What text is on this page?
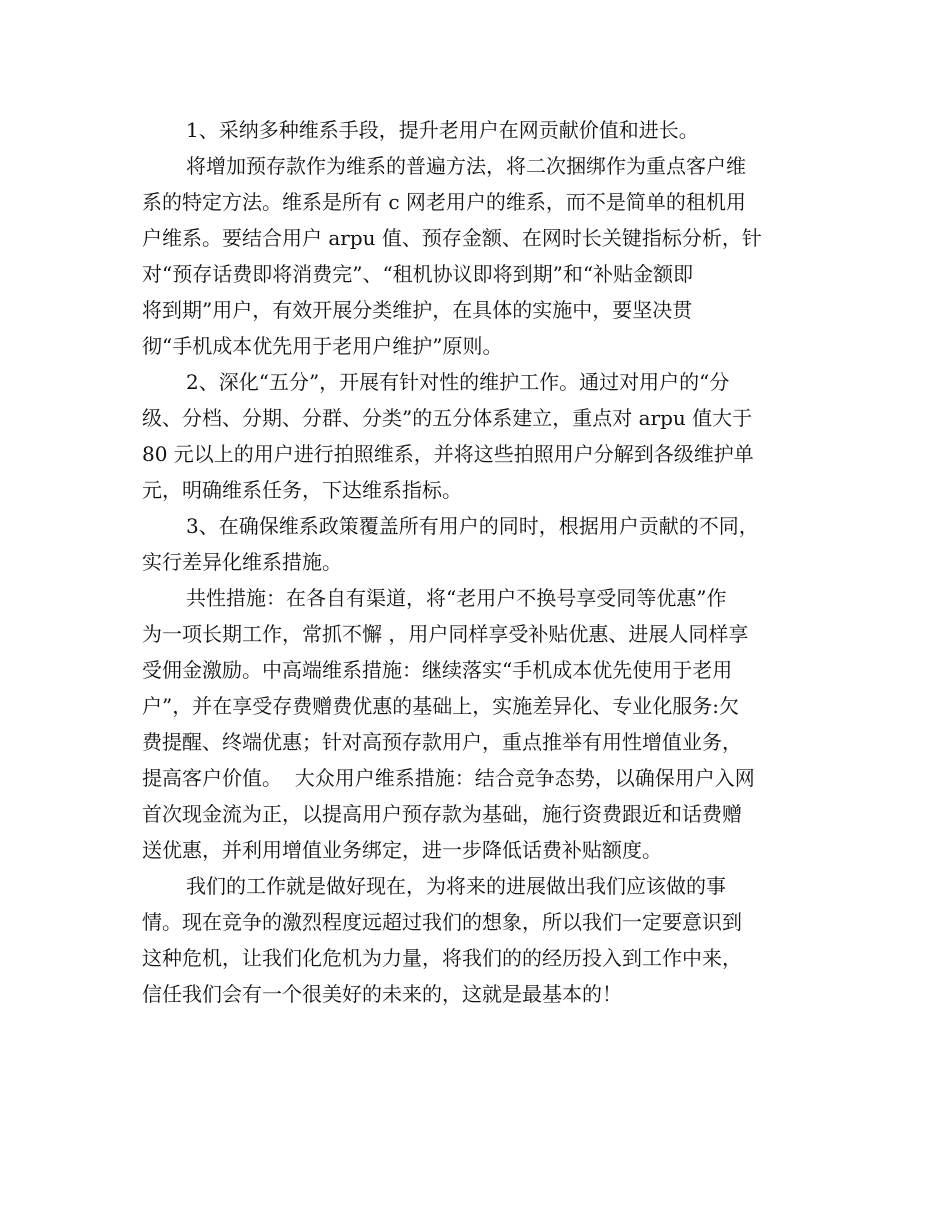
1、采纳多种维系手段，提升老用户在网贡献价值和进长。
将增加预存款作为维系的普遍方法，将二次捆绑作为重点客户维
系的特定方法。维系是所有 c 网老用户的维系，而不是简单的租机用
户维系。要结合用户 arpu 值、预存金额、在网时长关键指标分析，针
对“预存话费即将消费完”、“租机协议即将到期”和“补贴金额即
将到期”用户，有效开展分类维护，在具体的实施中，要坚决贯
彻“手机成本优先用于老用户维护”原则。
2、深化“五分”，开展有针对性的维护工作。通过对用户的“分
级、分档、分期、分群、分类”的五分体系建立，重点对 arpu 值大于
80 元以上的用户进行拍照维系，并将这些拍照用户分解到各级维护单
元，明确维系任务，下达维系指标。
3、在确保维系政策覆盖所有用户的同时，根据用户贡献的不同，
实行差异化维系措施。
共性措施：在各自有渠道，将“老用户不换号享受同等优惠”作
为一项长期工作，常抓不懈 ，用户同样享受补贴优惠、进展人同样享
受佣金激励。中高端维系措施：继续落实“手机成本优先使用于老用
户”，并在享受存费赠费优惠的基础上，实施差异化、专业化服务:欠
费提醒、终端优惠；针对高预存款用户，重点推举有用性增值业务，
提高客户价值。  大众用户维系措施：结合竞争态势，以确保用户入网
首次现金流为正，以提高用户预存款为基础，施行资费跟近和话费赠
送优惠，并利用增值业务绑定，进一步降低话费补贴额度。
我们的工作就是做好现在，为将来的进展做出我们应该做的事
情。现在竞争的激烈程度远超过我们的想象，所以我们一定要意识到
这种危机，让我们化危机为力量，将我们的的经历投入到工作中来，
信任我们会有一个很美好的未来的，这就是最基本的！
